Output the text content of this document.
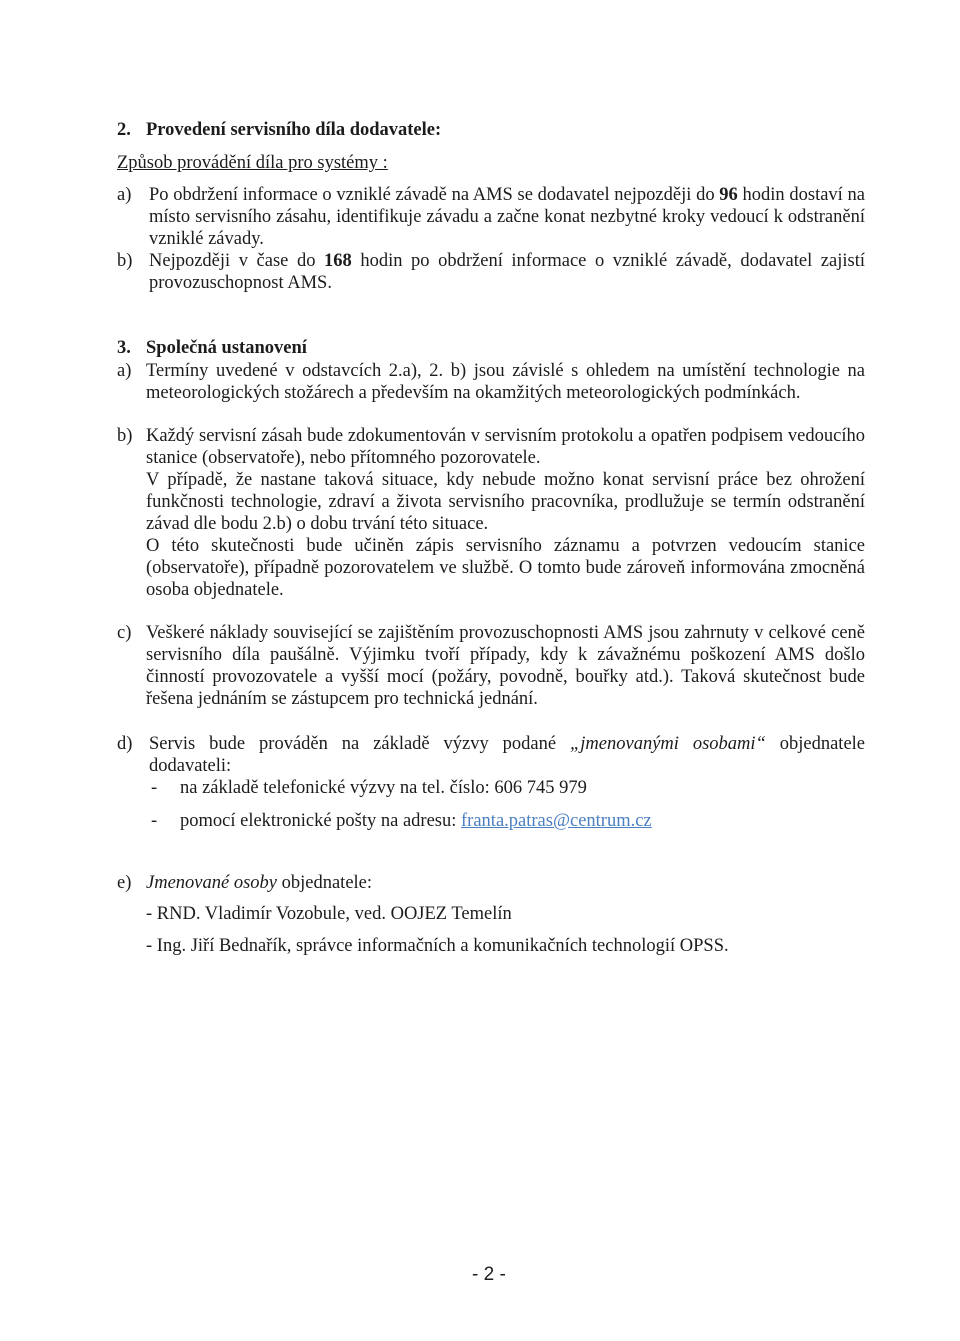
2. Provedení servisního díla dodavatele:
Způsob provádění díla pro systémy :
a) Po obdržení informace o vzniklé závadě na AMS se dodavatel nejpozději do 96 hodin dostaví na místo servisního zásahu, identifikuje závadu a začne konat nezbytné kroky vedoucí k odstranění vzniklé závady.
b) Nejpozději v čase do 168 hodin po obdržení informace o vzniklé závadě, dodavatel zajistí provozuschopnost AMS.
3. Společná ustanovení
a) Termíny uvedené v odstavcích 2.a), 2. b) jsou závislé s ohledem na umístění technologie na meteorologických stožárech a především na okamžitých meteorologických podmínkách.
b) Každý servisní zásah bude zdokumentován v servisním protokolu a opatřen podpisem vedoucího stanice (observatoře), nebo přítomného pozorovatele.
V případě, že nastane taková situace, kdy nebude možno konat servisní práce bez ohrožení funkčnosti technologie, zdraví a života servisního pracovníka, prodlužuje se termín odstranění závad dle bodu 2.b) o dobu trvání této situace.
O této skutečnosti bude učiněn zápis servisního záznamu a potvrzen vedoucím stanice (observatoře), případně pozorovatelem ve službě. O tomto bude zároveň informována zmocněná osoba objednatele.
c) Veškeré náklady související se zajištěním provozuschopnosti AMS jsou zahrnuty v celkové ceně servisního díla paušálně. Výjimku tvoří případy, kdy k závažnému poškození AMS došlo činností provozovatele a vyšší mocí (požáry, povodně, bouřky atd.). Taková skutečnost bude řešena jednáním se zástupcem pro technická jednání.
d) Servis bude prováděn na základě výzvy podané „jmenovanými osobami“ objednatele dodavateli:
- na základě telefonické výzvy na tel. číslo: 606 745 979
- pomocí elektronické pošty na adresu: franta.patras@centrum.cz
e) Jmenované osoby objednatele:
- RND. Vladimír Vozobule, ved. OOJEZ Temelín
- Ing. Jiří Bednařík, správce informačních a komunikačních technologií OPSS.
- 2 -
